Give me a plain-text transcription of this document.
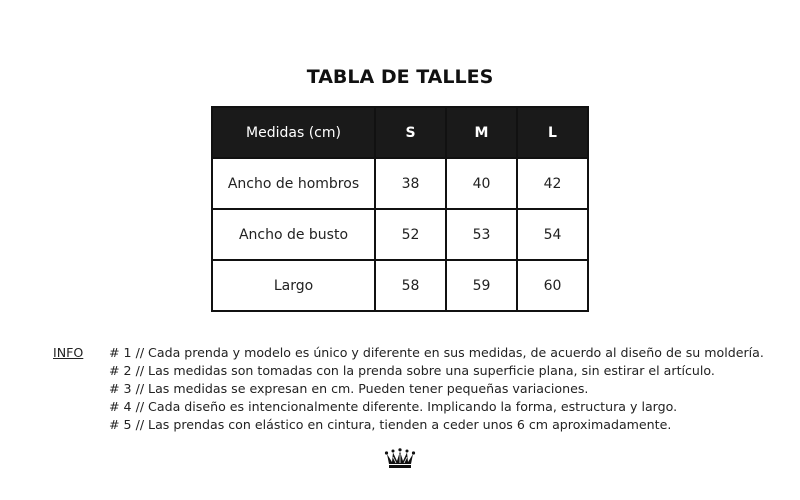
TABLA DE TALLES
Medidas (cm)	S	M	L
Ancho de hombros	38	40	42
Ancho de busto	52	53	54
Largo	58	59	60
INFO # 1 // Cada prenda y modelo es único y diferente en sus medidas, de acuerdo al diseño de su moldería.
# 2 // Las medidas son tomadas con la prenda sobre una superficie plana, sin estirar el artículo.
# 3 // Las medidas se expresan en cm. Pueden tener pequeñas variaciones.
# 4 // Cada diseño es intencionalmente diferente. Implicando la forma, estructura y largo.
# 5 // Las prendas con elástico en cintura, tienden a ceder unos 6 cm aproximadamente.
